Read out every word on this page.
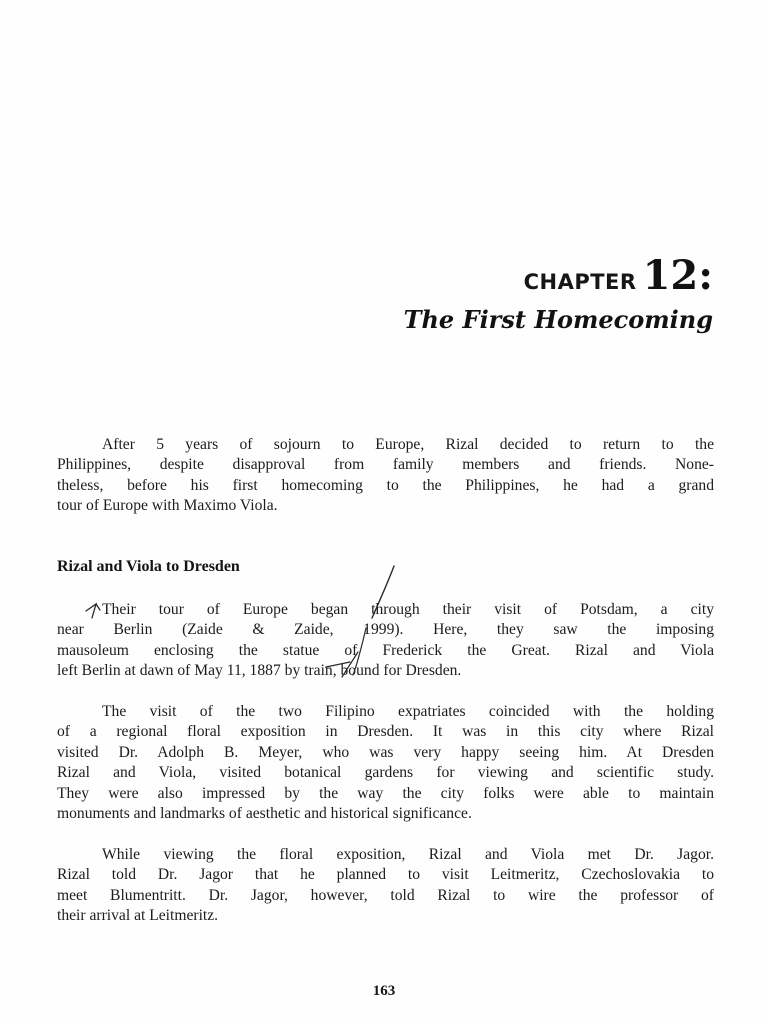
CHAPTER 12:
The First Homecoming

After 5 years of sojourn to Europe, Rizal decided to return to the
Philippines, despite disapproval from family members and friends. None-
theless, before his first homecoming to the Philippines, he had a grand
tour of Europe with Maximo Viola.

Rizal and Viola to Dresden

Their tour of Europe began through their visit of Potsdam, a city
near Berlin (Zaide & Zaide, 1999). Here, they saw the imposing
mausoleum enclosing the statue of Frederick the Great. Rizal and Viola
left Berlin at dawn of May 11, 1887 by train, bound for Dresden.

The visit of the two Filipino expatriates coincided with the holding
of a regional floral exposition in Dresden. It was in this city where Rizal
visited Dr. Adolph B. Meyer, who was very happy seeing him. At Dresden
Rizal and Viola, visited botanical gardens for viewing and scientific study.
They were also impressed by the way the city folks were able to maintain
monuments and landmarks of aesthetic and historical significance.

While viewing the floral exposition, Rizal and Viola met Dr. Jagor.
Rizal told Dr. Jagor that he planned to visit Leitmeritz, Czechoslovakia to
meet Blumentritt. Dr. Jagor, however, told Rizal to wire the professor of
their arrival at Leitmeritz.

163
